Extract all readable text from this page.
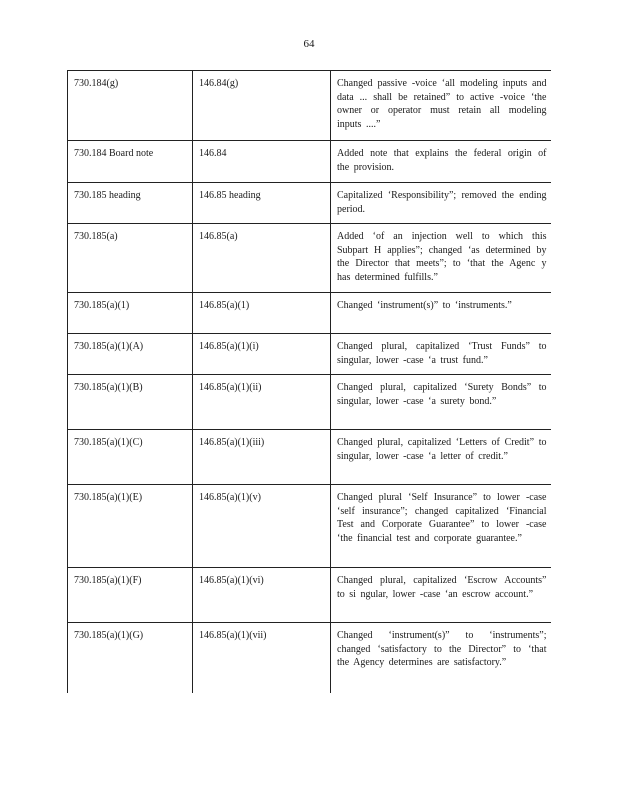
64
730.184(g)	146.84(g)	Changed passive -voice ‘all modeling inputs and data ... shall be retained” to active -voice ‘the owner or operator must retain all modeling inputs ....”
730.184 Board note	146.84	Added note that explains the federal origin of the provision.
730.185 heading	146.85 heading	Capitalized ‘Responsibility”; removed the ending period.
730.185(a)	146.85(a)	Added ‘of an injection well to which this Subpart H applies”; changed ‘as determined by the Director that meets”; to ‘that the Agenc y has determined fulfills.”
730.185(a)(1)	146.85(a)(1)	Changed ‘instrument(s)” to ‘instruments.”
730.185(a)(1)(A)	146.85(a)(1)(i)	Changed plural, capitalized ‘Trust Funds” to singular, lower -case ‘a trust fund.”
730.185(a)(1)(B)	146.85(a)(1)(ii)	Changed plural, capitalized ‘Surety Bonds” to singular, lower -case ‘a surety bond.”
730.185(a)(1)(C)	146.85(a)(1)(iii)	Changed plural, capitalized ‘Letters of Credit” to singular, lower -case ‘a letter of credit.”
730.185(a)(1)(E)	146.85(a)(1)(v)	Changed plural ‘Self Insurance” to lower -case ‘self insurance”; changed capitalized ‘Financial Test and Corporate Guarantee” to lower -case ‘the financial test and corporate guarantee.”
730.185(a)(1)(F)	146.85(a)(1)(vi)	Changed plural, capitalized ‘Escrow Accounts” to si ngular, lower -case ‘an escrow account.”
730.185(a)(1)(G)	146.85(a)(1)(vii)	Changed ‘instrument(s)” to ‘instruments”; changed ‘satisfactory to the Director” to ‘that the Agency determines are satisfactory.”
